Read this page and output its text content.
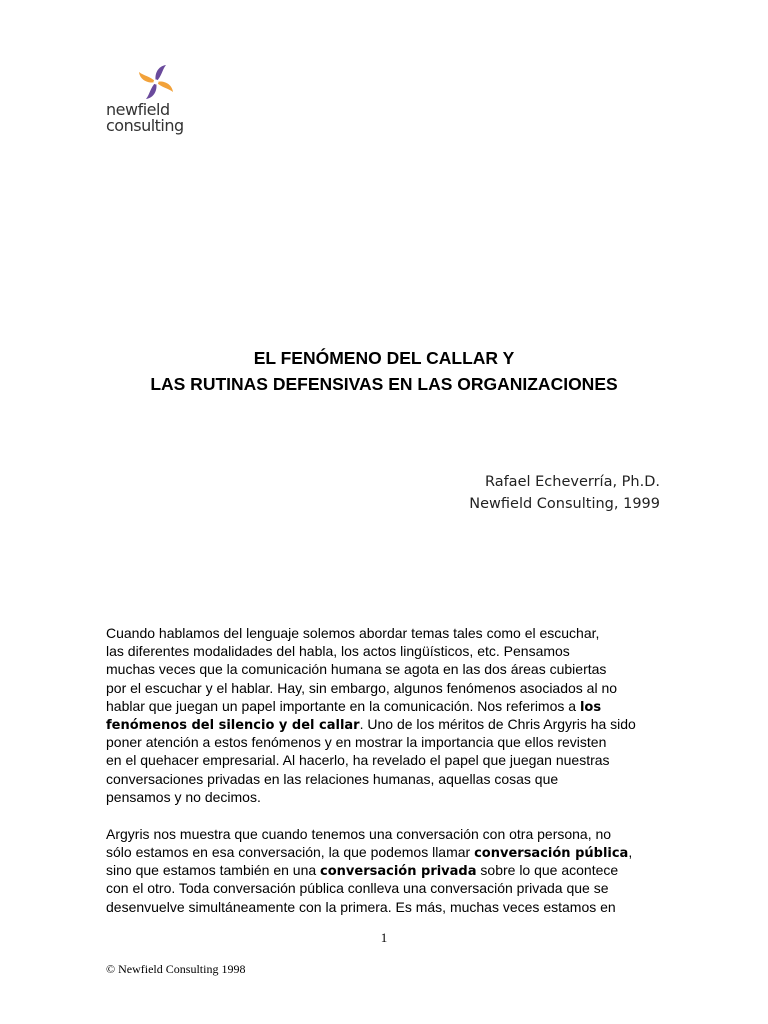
newfield
consulting
EL FENÓMENO DEL CALLAR Y
LAS RUTINAS DEFENSIVAS EN LAS ORGANIZACIONES
Rafael Echeverría, Ph.D.
Newfield Consulting, 1999
Cuando hablamos del lenguaje solemos abordar temas tales como el escuchar,
las diferentes modalidades del habla, los actos lingüísticos, etc. Pensamos
muchas veces que la comunicación humana se agota en las dos áreas cubiertas
por el escuchar y el hablar. Hay, sin embargo, algunos fenómenos asociados al no
hablar que juegan un papel importante en la comunicación. Nos referimos a los
fenómenos del silencio y del callar. Uno de los méritos de Chris Argyris ha sido
poner atención a estos fenómenos y en mostrar la importancia que ellos revisten
en el quehacer empresarial. Al hacerlo, ha revelado el papel que juegan nuestras
conversaciones privadas en las relaciones humanas, aquellas cosas que
pensamos y no decimos.
Argyris nos muestra que cuando tenemos una conversación con otra persona, no
sólo estamos en esa conversación, la que podemos llamar conversación pública,
sino que estamos también en una conversación privada sobre lo que acontece
con el otro. Toda conversación pública conlleva una conversación privada que se
desenvuelve simultáneamente con la primera. Es más, muchas veces estamos en
1
© Newfield Consulting 1998
